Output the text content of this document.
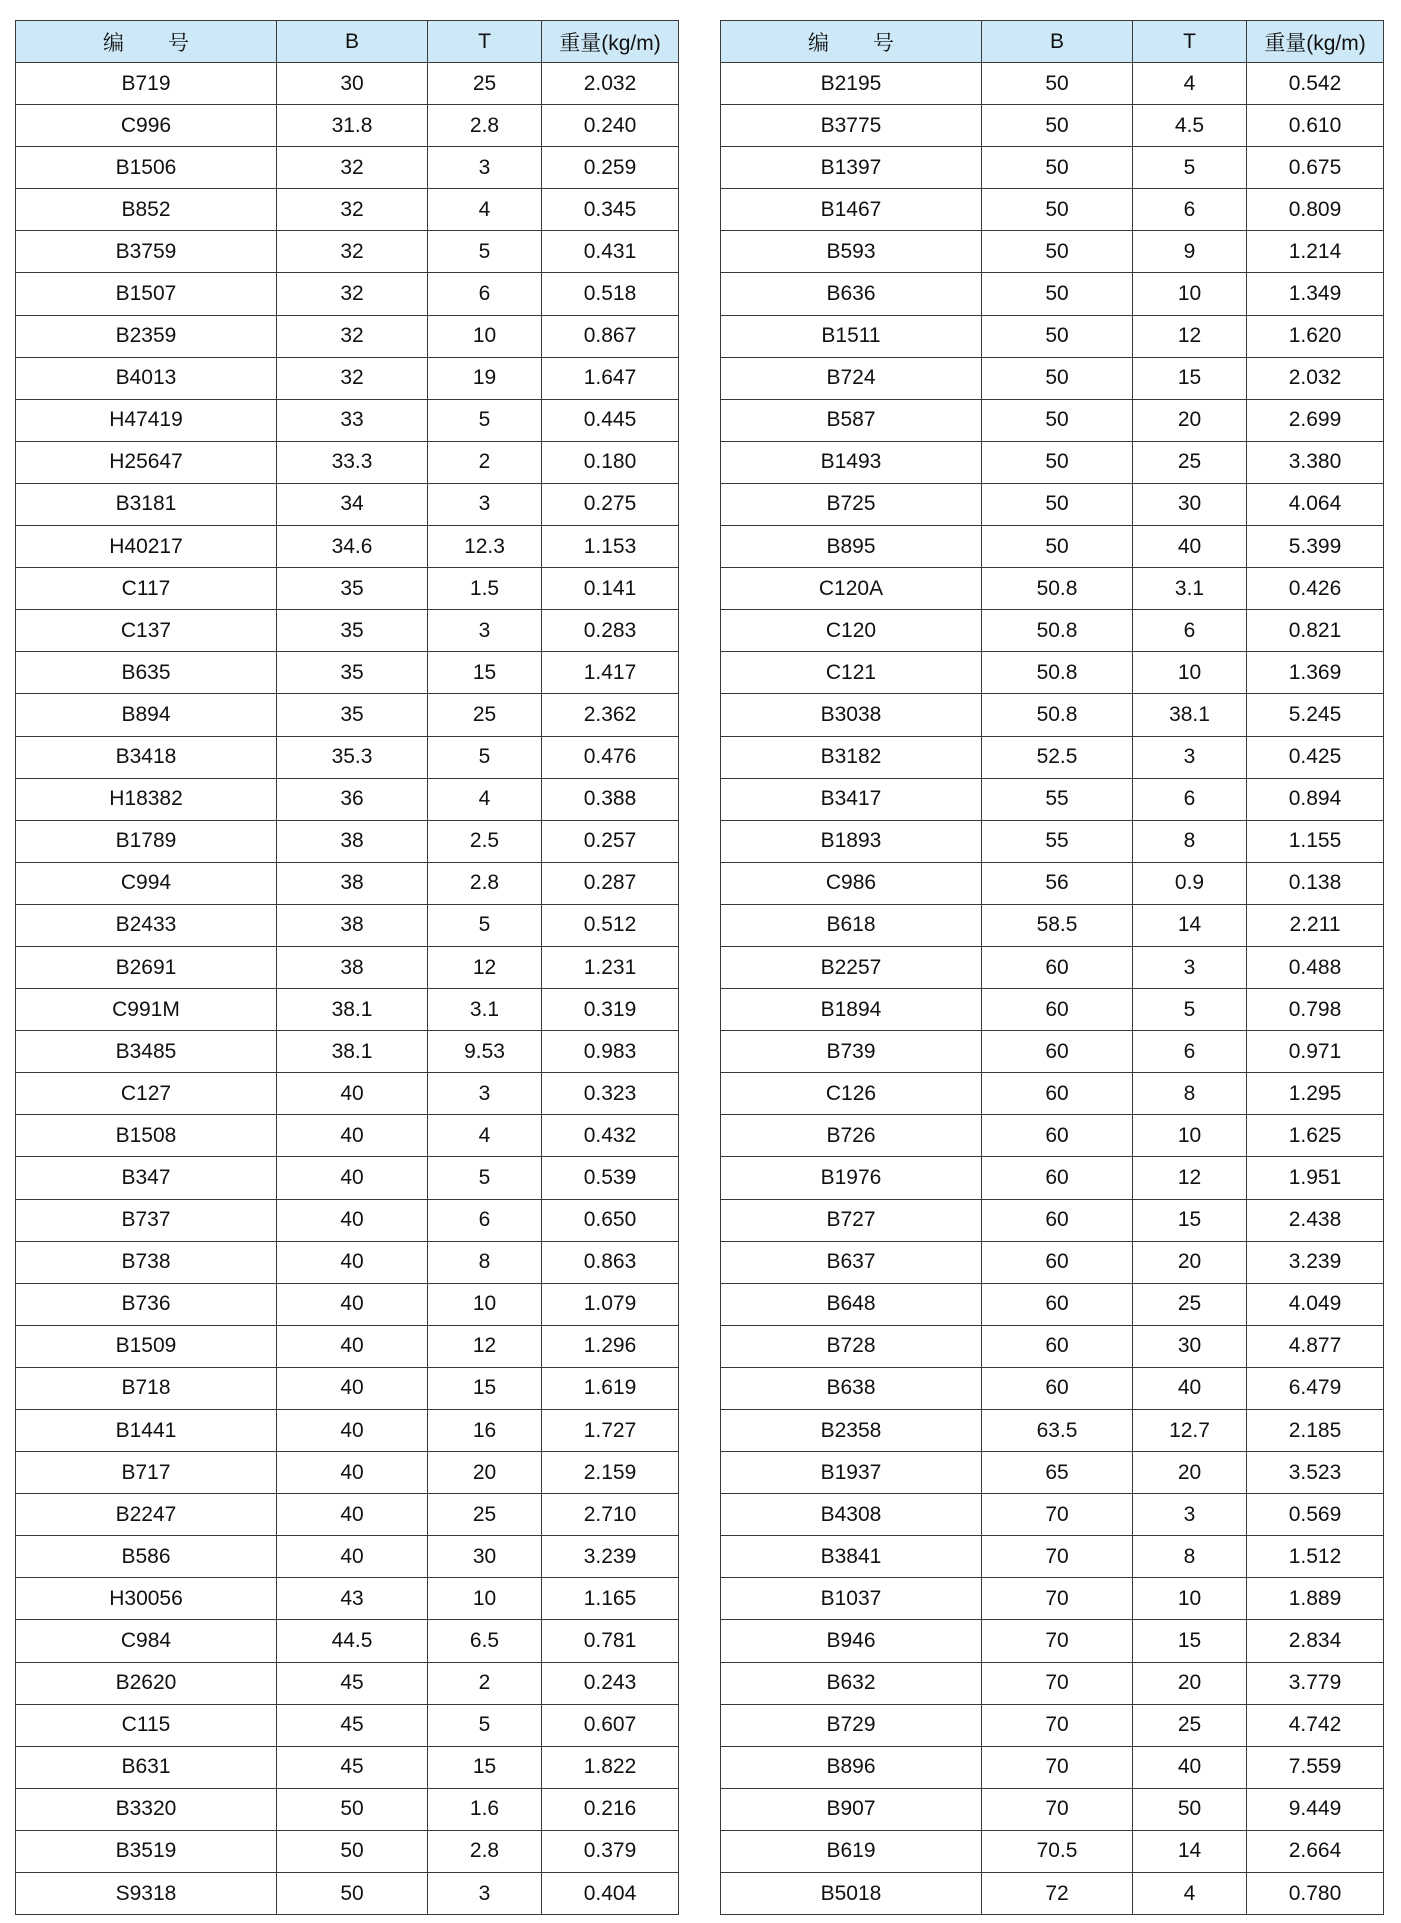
编 号	B	T	重量(kg/m)
B719	30	25	2.032
C996	31.8	2.8	0.240
B1506	32	3	0.259
B852	32	4	0.345
B3759	32	5	0.431
B1507	32	6	0.518
B2359	32	10	0.867
B4013	32	19	1.647
H47419	33	5	0.445
H25647	33.3	2	0.180
B3181	34	3	0.275
H40217	34.6	12.3	1.153
C117	35	1.5	0.141
C137	35	3	0.283
B635	35	15	1.417
B894	35	25	2.362
B3418	35.3	5	0.476
H18382	36	4	0.388
B1789	38	2.5	0.257
C994	38	2.8	0.287
B2433	38	5	0.512
B2691	38	12	1.231
C991M	38.1	3.1	0.319
B3485	38.1	9.53	0.983
C127	40	3	0.323
B1508	40	4	0.432
B347	40	5	0.539
B737	40	6	0.650
B738	40	8	0.863
B736	40	10	1.079
B1509	40	12	1.296
B718	40	15	1.619
B1441	40	16	1.727
B717	40	20	2.159
B2247	40	25	2.710
B586	40	30	3.239
H30056	43	10	1.165
C984	44.5	6.5	0.781
B2620	45	2	0.243
C115	45	5	0.607
B631	45	15	1.822
B3320	50	1.6	0.216
B3519	50	2.8	0.379
S9318	50	3	0.404
编 号	B	T	重量(kg/m)
B2195	50	4	0.542
B3775	50	4.5	0.610
B1397	50	5	0.675
B1467	50	6	0.809
B593	50	9	1.214
B636	50	10	1.349
B1511	50	12	1.620
B724	50	15	2.032
B587	50	20	2.699
B1493	50	25	3.380
B725	50	30	4.064
B895	50	40	5.399
C120A	50.8	3.1	0.426
C120	50.8	6	0.821
C121	50.8	10	1.369
B3038	50.8	38.1	5.245
B3182	52.5	3	0.425
B3417	55	6	0.894
B1893	55	8	1.155
C986	56	0.9	0.138
B618	58.5	14	2.211
B2257	60	3	0.488
B1894	60	5	0.798
B739	60	6	0.971
C126	60	8	1.295
B726	60	10	1.625
B1976	60	12	1.951
B727	60	15	2.438
B637	60	20	3.239
B648	60	25	4.049
B728	60	30	4.877
B638	60	40	6.479
B2358	63.5	12.7	2.185
B1937	65	20	3.523
B4308	70	3	0.569
B3841	70	8	1.512
B1037	70	10	1.889
B946	70	15	2.834
B632	70	20	3.779
B729	70	25	4.742
B896	70	40	7.559
B907	70	50	9.449
B619	70.5	14	2.664
B5018	72	4	0.780
